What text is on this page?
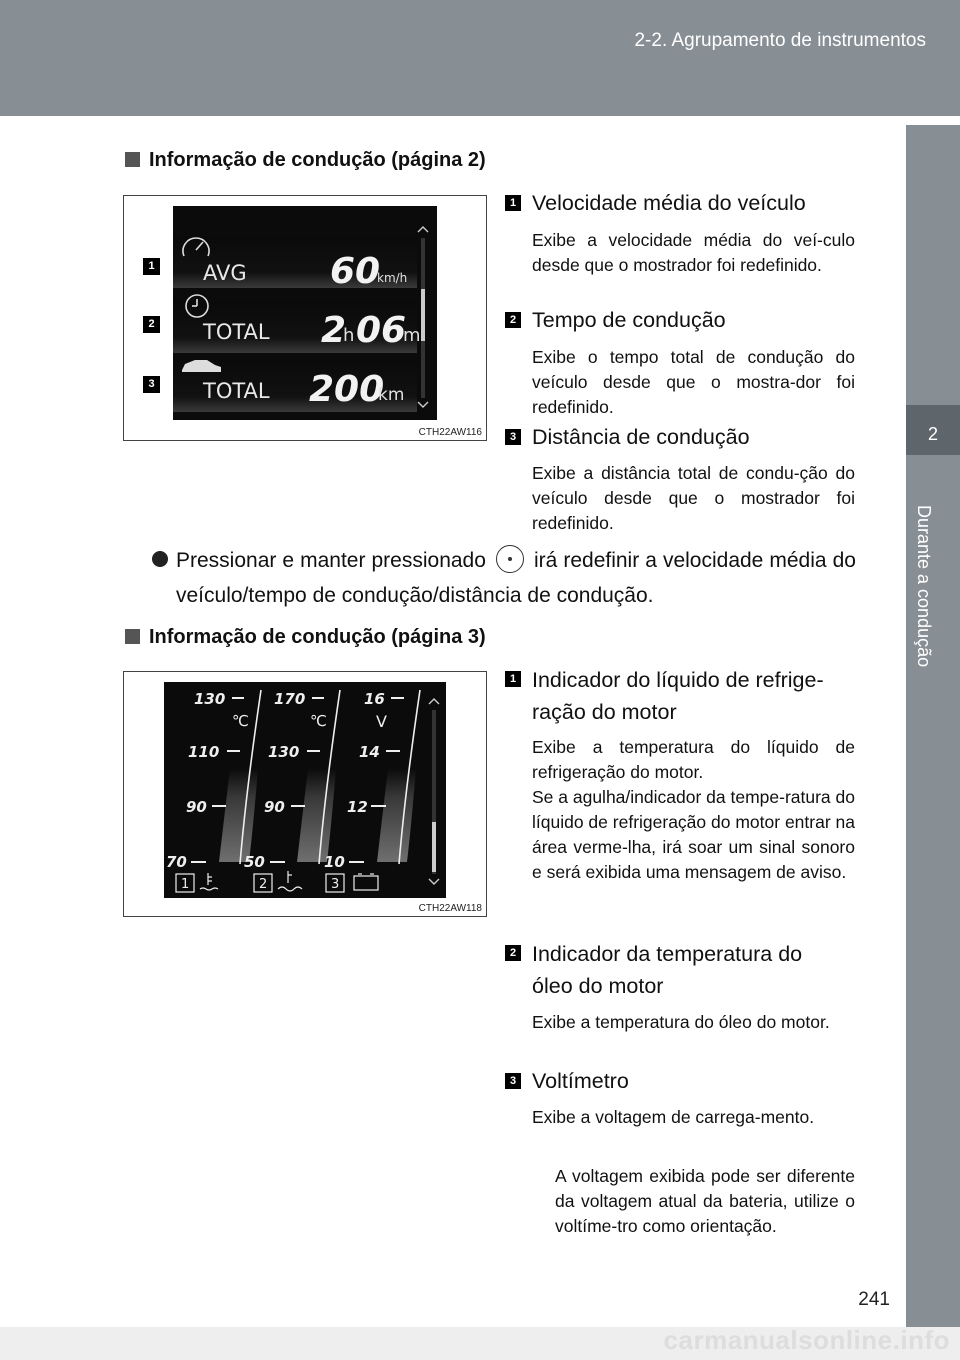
2-2. Agrupamento de instrumentos
2
Durante a condução
Informação de condução (página 2)
1
2
3
AVG 60
km/h
TOTAL 2
h 06
m
TOTAL 200
km
CTH22AW116
1 Velocidade média do veículo
Exibe a velocidade média do veí-culo desde que o mostrador foi redefinido.
2 Tempo de condução
Exibe o tempo total de condução do veículo desde que o mostra-dor foi redefinido.
3 Distância de condução
Exibe a distância total de condu-ção do veículo desde que o mostrador foi redefinido.
Pressionar e manter pressionado irá redefinir a velocidade média do veículo/tempo de condução/distância de condução.
Informação de condução (página 3)
130
110
90
70
℃
170
130
90
50
℃
16
14
12
10
V
1	2	3
CTH22AW118
1 Indicador do líquido de refrige-
ração do motor
Exibe a temperatura do líquido de refrigeração do motor.
Se a agulha/indicador da tempe-ratura do líquido de refrigeração do motor entrar na área verme-lha, irá soar um sinal sonoro e será exibida uma mensagem de aviso.
2 Indicador da temperatura do
óleo do motor
Exibe a temperatura do óleo do motor.
3 Voltímetro
Exibe a voltagem de carrega-mento.
A voltagem exibida pode ser diferente da voltagem atual da bateria, utilize o voltíme-tro como orientação.
241
carmanualsonline.info
